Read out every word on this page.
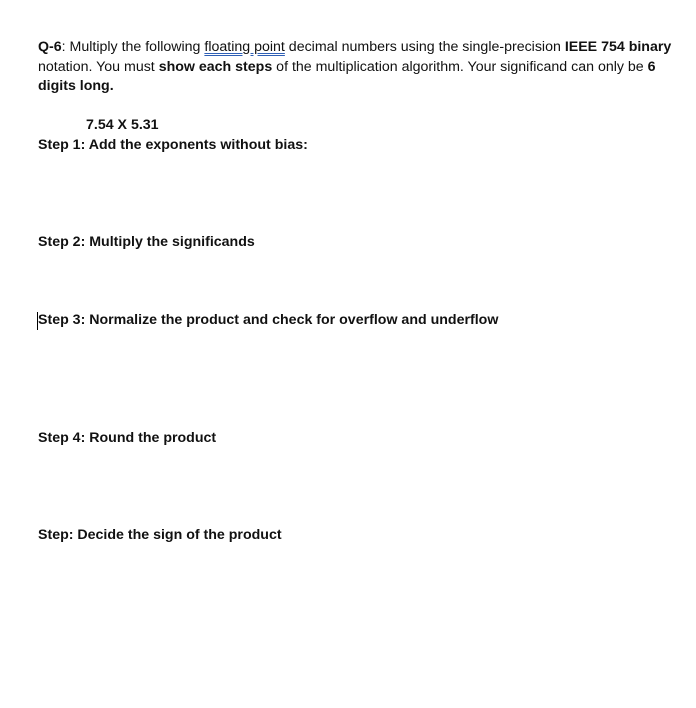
Q-6: Multiply the following floating point decimal numbers using the single-precision IEEE 754 binary
notation. You must show each steps of the multiplication algorithm. Your significand can only be 6
digits long.
7.54 X 5.31
Step 1: Add the exponents without bias:
Step 2: Multiply the significands
Step 3: Normalize the product and check for overflow and underflow
Step 4: Round the product
Step: Decide the sign of the product
